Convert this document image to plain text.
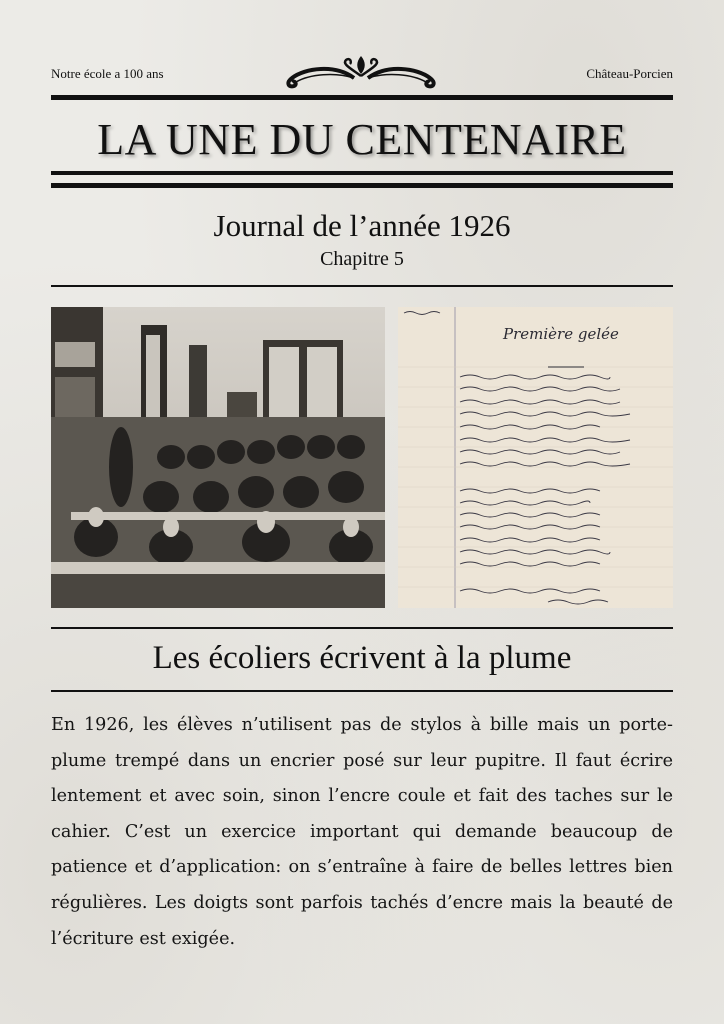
Notre école a 100 ans	Château-Porcien
LA UNE DU CENTENAIRE
Journal de l’année 1926
Chapitre 5
Première gelée
Les écoliers écrivent à la plume
En 1926, les élèves n’utilisent pas de stylos à bille mais un porte-plume trempé dans un encrier posé sur leur pupitre. Il faut écrire lentement et avec soin, sinon l’encre coule et fait des taches sur le cahier. C’est un exercice important qui demande beaucoup de patience et d’application: on s’entraîne à faire de belles lettres bien régulières. Les doigts sont parfois tachés d’encre mais la beauté de l’écriture est exigée.
